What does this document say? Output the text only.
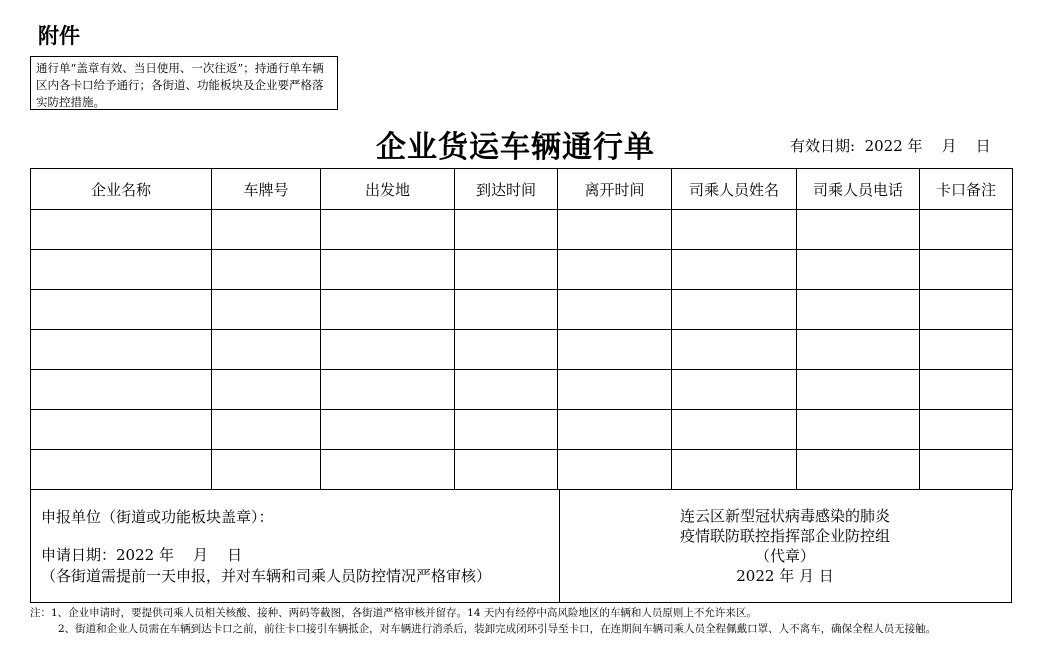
附件
通行单“盖章有效、当日使用、一次往返”；持通行单车辆区内各卡口给予通行；各街道、功能板块及企业要严格落实防控措施。
企业货运车辆通行单	有效日期:  2022 年    月    日
企业名称	车牌号	出发地	到达时间	离开时间	司乘人员姓名	司乘人员电话	卡口备注

申报单位（街道或功能板块盖章）：
申请日期：2022 年    月    日
（各街道需提前一天申报，并对车辆和司乘人员防控情况严格审核）
连云区新型冠状病毒感染的肺炎
疫情联防联控指挥部企业防控组
（代章）
2022 年 月 日
注：1、企业申请时，要提供司乘人员相关核酸、接种、两码等截图，各街道严格审核并留存。14 天内有经停中高风险地区的车辆和人员原则上不允许来区。
2、街道和企业人员需在车辆到达卡口之前，前往卡口接引车辆抵企，对车辆进行消杀后，装卸完成闭环引导至卡口，在连期间车辆司乘人员全程佩戴口罩、人不离车，确保全程人员无接触。
